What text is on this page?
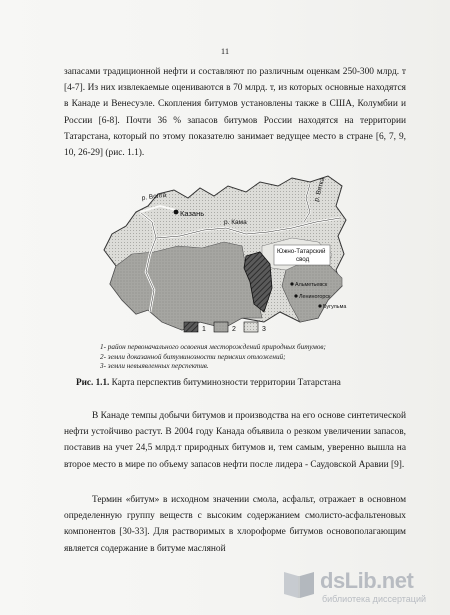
11
запасами традиционной нефти и составляют по различным оценкам 250-300 млрд. т [4-7]. Из них извлекаемые оцениваются в 70 млрд. т, из которых основные находятся в Канаде и Венесуэле. Скопления битумов установлены также в США, Колумбии и России [6-8]. Почти 36 % запасов битумов России находятся на территории Татарстана, который по этому показателю занимает ведущее место в стране [6, 7, 9, 10, 26-29] (рис. 1.1).
Казань
р. Волга
р. Кама
р. Вятка
Южно-Татарский свод
Альметьевск
Лениногорск
Бугульма
1	2	3
1- район первоначального освоения месторождений природных битумов;
2- земли доказанной битуминозности пермских отложений;
3- земли невыявленных перспектив.
Рис. 1.1. Карта перспектив битуминозности территории Татарстана
В Канаде темпы добычи битумов и производства на его основе синтетической нефти устойчиво растут. В 2004 году Канада объявила о резком увеличении запасов, поставив на учет 24,5 млрд.т природных битумов и, тем самым, уверенно вышла на второе место в мире по объему запасов нефти после лидера - Саудовской Аравии [9].
Термин «битум» в исходном значении смола, асфальт, отражает в основном определенную группу веществ с высоким содержанием смолисто-асфальтеновых компонентов [30-33]. Для растворимых в хлороформе битумов основополагающим является содержание в битуме масляной
dsLib.net
библиотека диссертаций
